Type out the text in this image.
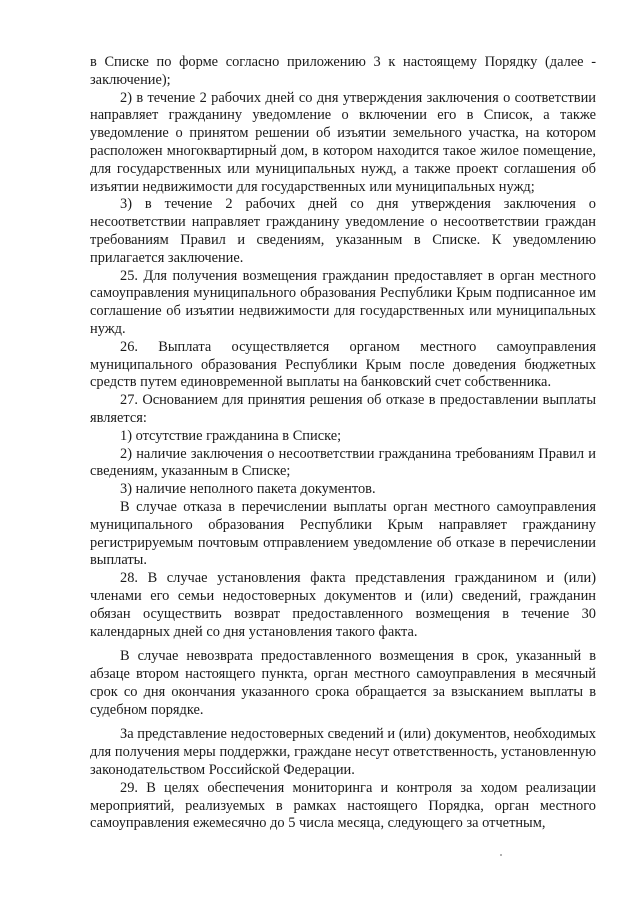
в Списке по форме согласно приложению 3 к настоящему Порядку (далее - заключение);

2) в течение 2 рабочих дней со дня утверждения заключения о соответствии направляет гражданину уведомление о включении его в Список, а также уведомление о принятом решении об изъятии земельного участка, на котором расположен многоквартирный дом, в котором находится такое жилое помещение, для государственных или муниципальных нужд, а также проект соглашения об изъятии недвижимости для государственных или муниципальных нужд;

3) в течение 2 рабочих дней со дня утверждения заключения о несоответствии направляет гражданину уведомление о несоответствии граждан требованиям Правил и сведениям, указанным в Списке. К уведомлению прилагается заключение.

25. Для получения возмещения гражданин предоставляет в орган местного самоуправления муниципального образования Республики Крым подписанное им соглашение об изъятии недвижимости для государственных или муниципальных нужд.

26. Выплата осуществляется органом местного самоуправления муниципального образования Республики Крым после доведения бюджетных средств путем единовременной выплаты на банковский счет собственника.

27. Основанием для принятия решения об отказе в предоставлении выплаты является:

1) отсутствие гражданина в Списке;

2) наличие заключения о несоответствии гражданина требованиям Правил и сведениям, указанным в Списке;

3) наличие неполного пакета документов.

В случае отказа в перечислении выплаты орган местного самоуправления муниципального образования Республики Крым направляет гражданину регистрируемым почтовым отправлением уведомление об отказе в перечислении выплаты.

28. В случае установления факта представления гражданином и (или) членами его семьи недостоверных документов и (или) сведений, гражданин обязан осуществить возврат предоставленного возмещения в течение 30 календарных дней со дня установления такого факта.

В случае невозврата предоставленного возмещения в срок, указанный в абзаце втором настоящего пункта, орган местного самоуправления в месячный срок со дня окончания указанного срока обращается за взысканием выплаты в судебном порядке.

За представление недостоверных сведений и (или) документов, необходимых для получения меры поддержки, граждане несут ответственность, установленную законодательством Российской Федерации.

29. В целях обеспечения мониторинга и контроля за ходом реализации мероприятий, реализуемых в рамках настоящего Порядка, орган местного самоуправления ежемесячно до 5 числа месяца, следующего за отчетным,
